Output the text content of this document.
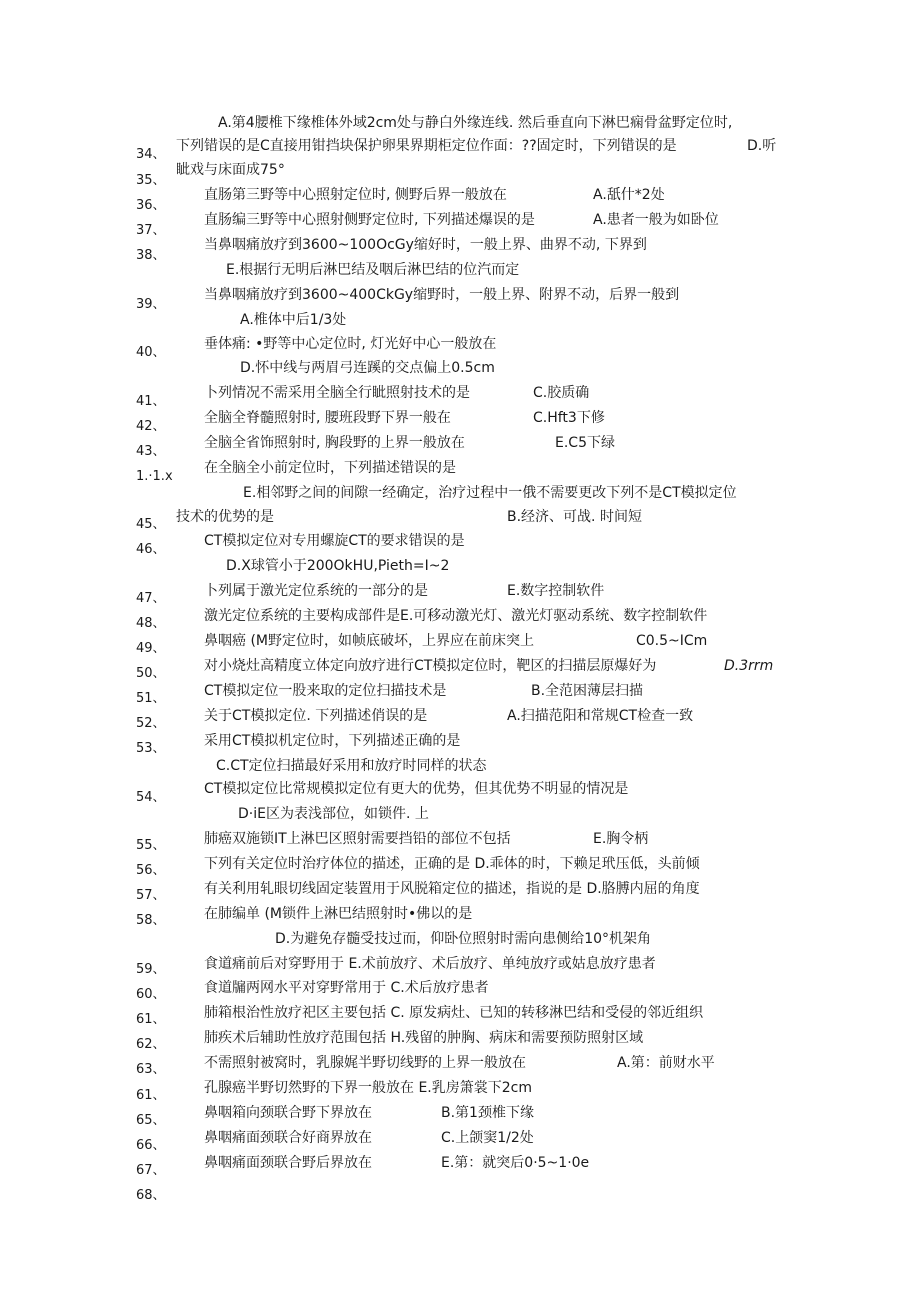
34、
35、
36、
37、
38、
39、
40、
41、
42、
43、
1.·1.x
45、
46、
47、
48、
49、
50、
51、
52、
53、
54、
55、
56、
57、
58、
59、
60、
61、
62、
63、
61、
65、
66、
67、
68、
A.第4腰椎下缘椎体外域2cm处与静白外缘连线. 然后垂直向下淋巴痫骨盆野定位时,
下列错误的是C直接用钳挡块保护卵果界期柜定位作面：??固定时，下列错误的是	D.听
眦戏与床面成75°
直肠第三野等中心照射定位时, 侧野后界一般放在	A.舐什*2处
直肠编三野等中心照射侧野定位时, 下列描述爆误的是	A.患者一般为如卧位
当鼻咽痛放疗到3600~100OcGy缩好时，一般上界、曲界不动, 下界到
E.根据行无明后淋巴结及咽后淋巴结的位汽而定
当鼻咽痛放疗到3600~400CkGy缩野时，一般上界、附界不动，后界一般到
A.椎体中后1/3处
垂体痛: •野等中心定位时, 灯光好中心一般放在
D.怀中线与两眉弓连蹊的交点偏上0.5cm
卜列情况不需采用全脑全行眦照射技术的是	C.胶质确
全脑全脊髓照射时, 腰班段野下界一般在	C.Hft3下修
全脑全省饰照射时, 胸段野的上界一般放在	E.C5下绿
在全脑全小前定位时，下列描述错误的是
E.相邻野之间的间隙一经确定，治疗过程中一俄不需要更改下列不是CT模拟定位
技术的优势的是	B.经济、可战. 时间短
CT模拟定位对专用螺旋CT的要求错误的是
D.X球管小于200OkHU,Pieth=I~2
卜列属于激光定位系统的一部分的是	E.数字控制软件
激光定位系统的主要构成部件是E.可移动激光灯、激光灯驱动系统、数字控制软件
鼻咽癌 (M野定位时，如帧底破坏，上界应在前床突上	C0.5~ICm
对小烧灶高精度立体定向放疗进行CT模拟定位时，靶区的扫描层原爆好为	D.3rrm
CT模拟定位一股来取的定位扫描技术是	B.全范困薄层扫描
关于CT模拟定位. 下列描述俏误的是	A.扫描范阳和常规CT检查一致
采用CT模拟机定位时，下列描述正确的是
C.CT定位扫描最好采用和放疗时同样的状态
CT模拟定位比常规模拟定位有更大的优势，但其优势不明显的情况是
D·iE区为表浅部位，如锁件. 上
肺癌双施锁IT上淋巴区照射需要挡铅的部位不包括	E.胸令柄
下列有关定位时治疗体位的描述，正确的是 D.乖体的时，下赖足玳压低，头前倾
有关利用轧眼切线固定装置用于风脱箱定位的描述，指说的是 D.胳膊内屈的角度
在肺编单 (M锁件上淋巴结照射时•佛以的是
D.为避免存髓受技过而，仰卧位照射时需向患侧给10°机架角
食道痛前后对穿野用于 E.术前放疗、术后放疗、单纯放疗或姑息放疗患者
食道牖两网水平对穿野常用于 C.术后放疗患者
肺箱根治性放疗祀区主要包括 C. 原发病灶、已知的转移淋巴结和受侵的邻近组织
肺疾术后辅助性放疗范围包括 H.残留的肿胸、病床和需要预防照射区域
不需照射被窝时，乳腺娓半野切线野的上界一般放在	A.第：前财水平
孔腺癌半野切然野的下界一般放在 E.乳房箫裳下2cm
鼻咽箱向颈联合野下界放在	B.第1颈椎下缘
鼻咽痛面颈联合好商界放在	C.上颌窦1/2处
鼻咽痛面颈联合野后界放在	E.第：就突后0·5~1·0e
